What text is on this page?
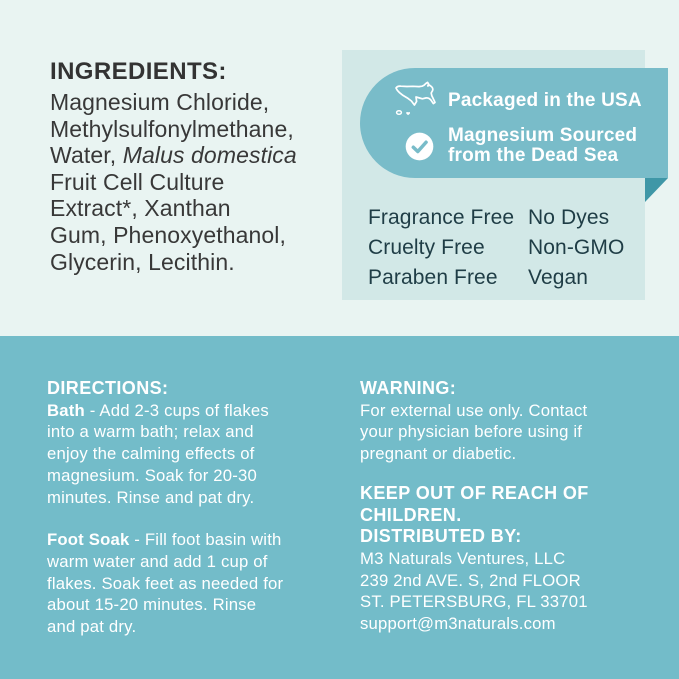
INGREDIENTS:
Magnesium Chloride,
Methylsulfonylmethane,
Water, Malus domestica
Fruit Cell Culture
Extract*, Xanthan
Gum, Phenoxyethanol,
Glycerin, Lecithin.
Packaged in the USA
Magnesium Sourced
from the Dead Sea
Fragrance Free No Dyes
Cruelty Free	Non-GMO
Paraben Free	Vegan
DIRECTIONS:
Bath - Add 2-3 cups of flakes
into a warm bath; relax and
enjoy the calming effects of
magnesium. Soak for 20-30
minutes. Rinse and pat dry.
Foot Soak - Fill foot basin with
warm water and add 1 cup of
flakes. Soak feet as needed for
about 15-20 minutes. Rinse
and pat dry.
WARNING:
For external use only. Contact
your physician before using if
pregnant or diabetic.
KEEP OUT OF REACH OF
CHILDREN.
DISTRIBUTED BY:
M3 Naturals Ventures, LLC
239 2nd AVE. S, 2nd FLOOR
ST. PETERSBURG, FL 33701
support@m3naturals.com
